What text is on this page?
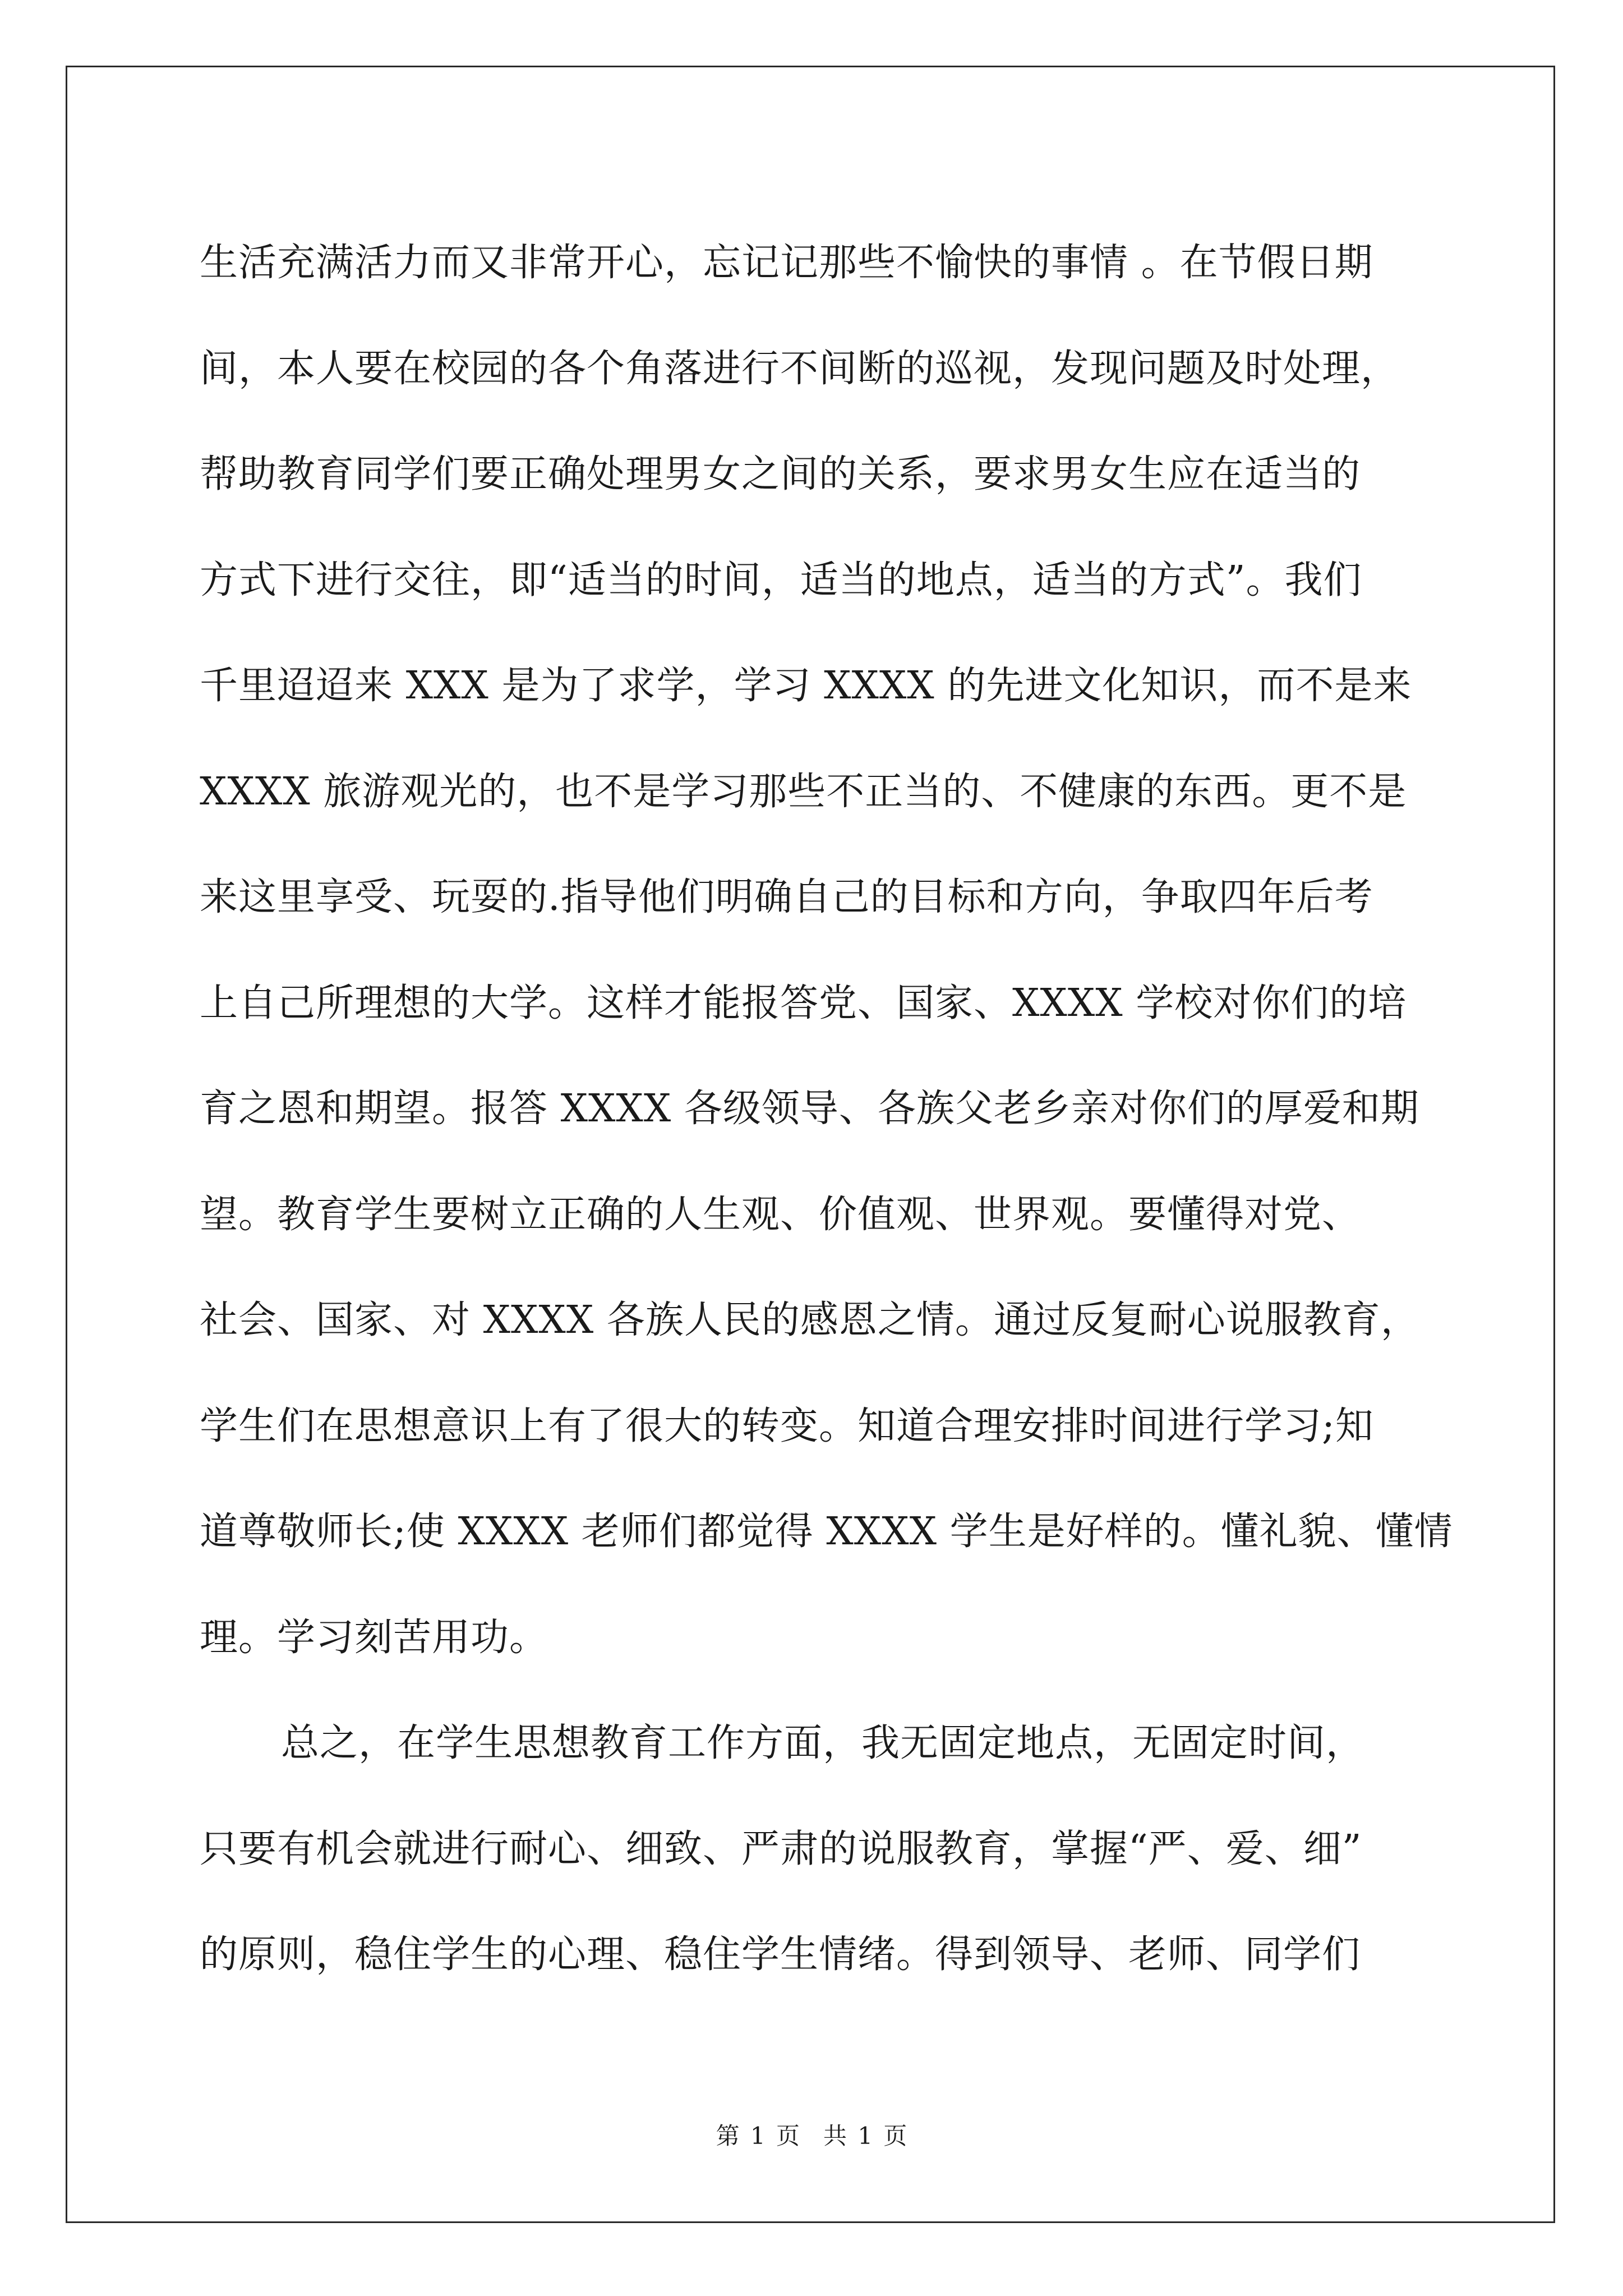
生活充满活力而又非常开心，忘记记那些不愉快的事情 。在节假日期
间，本人要在校园的各个角落进行不间断的巡视，发现问题及时处理，
帮助教育同学们要正确处理男女之间的关系，要求男女生应在适当的
方式下进行交往，即“适当的时间，适当的地点，适当的方式”。我们
千里迢迢来 XXX 是为了求学，学习 XXXX 的先进文化知识，而不是来
XXXX 旅游观光的，也不是学习那些不正当的、不健康的东西。更不是
来这里享受、玩耍的.指导他们明确自己的目标和方向，争取四年后考
上自己所理想的大学。这样才能报答党、国家、XXXX 学校对你们的培
育之恩和期望。报答 XXXX 各级领导、各族父老乡亲对你们的厚爱和期
望。教育学生要树立正确的人生观、价值观、世界观。要懂得对党、
社会、国家、对 XXXX 各族人民的感恩之情。通过反复耐心说服教育，
学生们在思想意识上有了很大的转变。知道合理安排时间进行学习;知
道尊敬师长;使 XXXX 老师们都觉得 XXXX 学生是好样的。懂礼貌、懂情
理。学习刻苦用功。
总之，在学生思想教育工作方面，我无固定地点，无固定时间，
只要有机会就进行耐心、细致、严肃的说服教育，掌握“严、爱、细”
的原则，稳住学生的心理、稳住学生情绪。得到领导、老师、同学们
第 1 页　共 1 页
